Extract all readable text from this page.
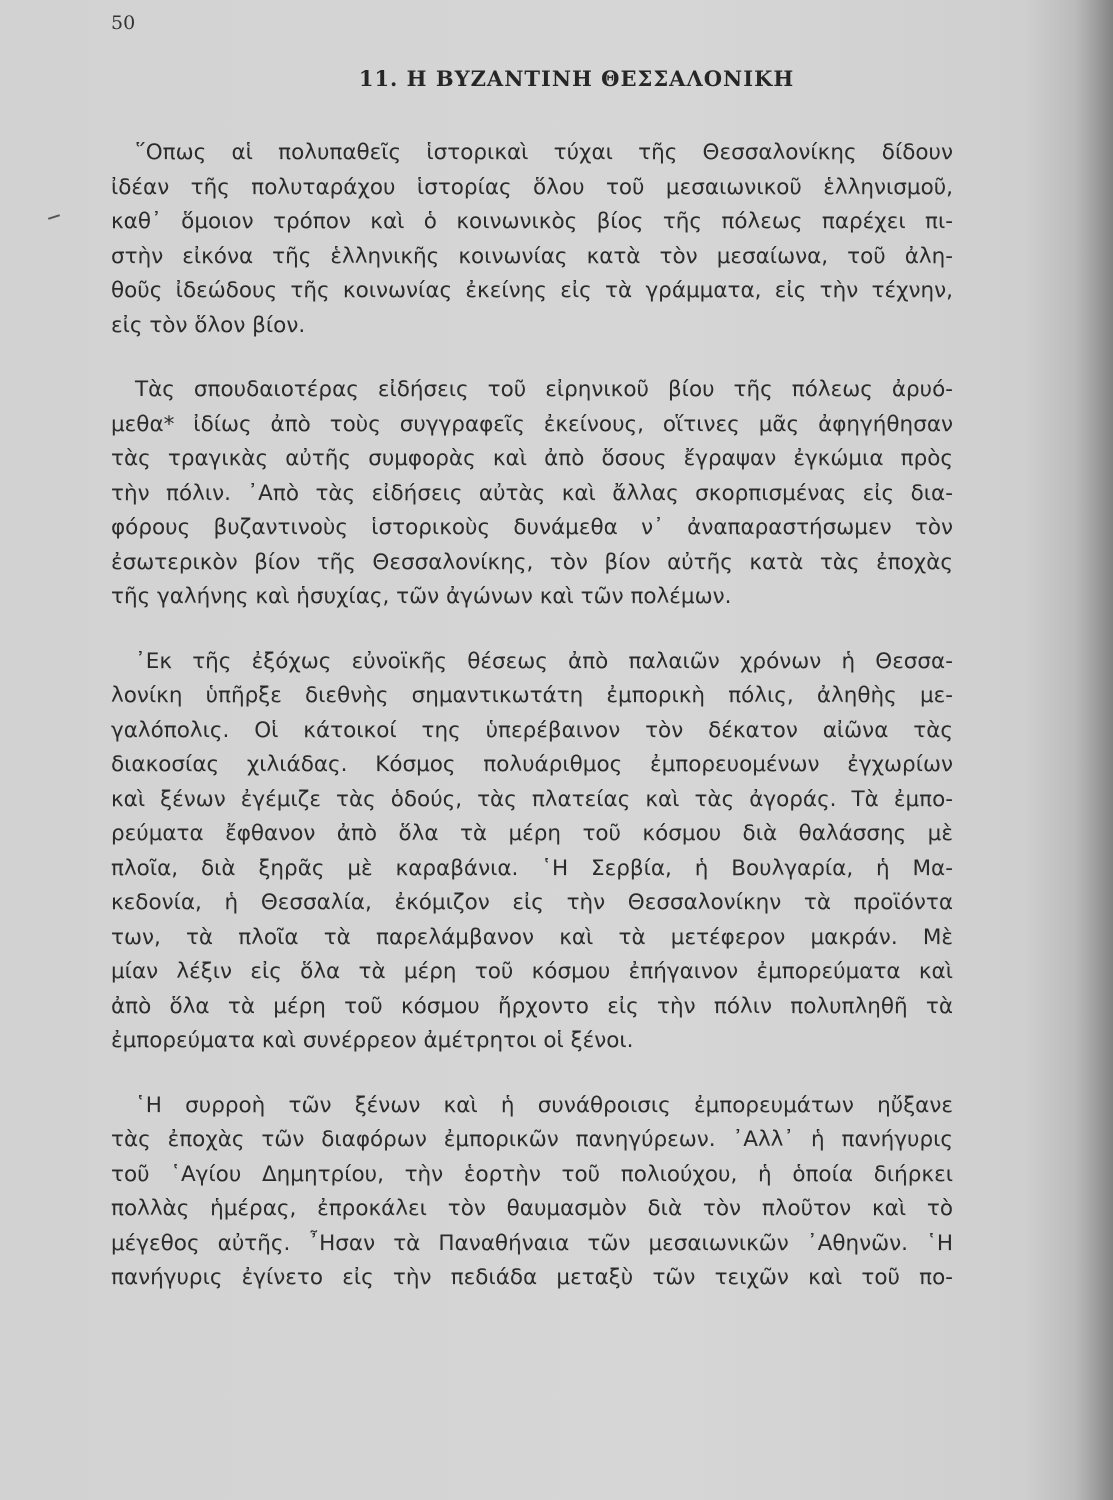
50
11. Η ΒΥΖΑΝΤΙΝΗ ΘΕΣΣΑΛΟΝΙΚΗ
῞Οπως αἱ πολυπαθεῖς ἱστορικαὶ τύχαι τῆς Θεσσαλονίκης δίδουν
ἰδέαν τῆς πολυταράχου ἱστορίας ὅλου τοῦ μεσαιωνικοῦ ἑλληνισμοῦ,
καθ᾽ ὅμοιον τρόπον καὶ ὁ κοινωνικὸς βίος τῆς πόλεως παρέχει πι-
στὴν εἰκόνα τῆς ἑλληνικῆς κοινωνίας κατὰ τὸν μεσαίωνα, τοῦ ἀλη-
θοῦς ἰδεώδους τῆς κοινωνίας ἐκείνης εἰς τὰ γράμματα, εἰς τὴν τέχνην,
εἰς τὸν ὅλον βίον.
Τὰς σπουδαιοτέρας εἰδήσεις τοῦ εἰρηνικοῦ βίου τῆς πόλεως ἀρυό-
μεθα* ἰδίως ἀπὸ τοὺς συγγραφεῖς ἐκείνους, οἵτινες μᾶς ἀφηγήθησαν
τὰς τραγικὰς αὐτῆς συμφορὰς καὶ ἀπὸ ὅσους ἔγραψαν ἐγκώμια πρὸς
τὴν πόλιν. ᾽Απὸ τὰς εἰδήσεις αὐτὰς καὶ ἄλλας σκορπισμένας εἰς δια-
φόρους βυζαντινοὺς ἱστορικοὺς δυνάμεθα ν᾽ ἀναπαραστήσωμεν τὸν
ἐσωτερικὸν βίον τῆς Θεσσαλονίκης, τὸν βίον αὐτῆς κατὰ τὰς ἐποχὰς
τῆς γαλήνης καὶ ἡσυχίας, τῶν ἀγώνων καὶ τῶν πολέμων.
᾽Εκ τῆς ἐξόχως εὐνοϊκῆς θέσεως ἀπὸ παλαιῶν χρόνων ἡ Θεσσα-
λονίκη ὑπῆρξε διεθνὴς σημαντικωτάτη ἐμπορικὴ πόλις, ἀληθὴς με-
γαλόπολις. Οἱ κάτοικοί της ὑπερέβαινον τὸν δέκατον αἰῶνα τὰς
διακοσίας χιλιάδας. Κόσμος πολυάριθμος ἐμπορευομένων ἐγχωρίων
καὶ ξένων ἐγέμιζε τὰς ὁδούς, τὰς πλατείας καὶ τὰς ἀγοράς. Τὰ ἐμπο-
ρεύματα ἔφθανον ἀπὸ ὅλα τὰ μέρη τοῦ κόσμου διὰ θαλάσσης μὲ
πλοῖα, διὰ ξηρᾶς μὲ καραβάνια. ῾Η Σερβία, ἡ Βουλγαρία, ἡ Μα-
κεδονία, ἡ Θεσσαλία, ἐκόμιζον εἰς τὴν Θεσσαλονίκην τὰ προϊόντα
των, τὰ πλοῖα τὰ παρελάμβανον καὶ τὰ μετέφερον μακράν. Μὲ
μίαν λέξιν εἰς ὅλα τὰ μέρη τοῦ κόσμου ἐπήγαινον ἐμπορεύματα καὶ
ἀπὸ ὅλα τὰ μέρη τοῦ κόσμου ἤρχοντο εἰς τὴν πόλιν πολυπληθῆ τὰ
ἐμπορεύματα καὶ συνέρρεον ἀμέτρητοι οἱ ξένοι.
῾Η συρροὴ τῶν ξένων καὶ ἡ συνάθροισις ἐμπορευμάτων ηὔξανε
τὰς ἐποχὰς τῶν διαφόρων ἐμπορικῶν πανηγύρεων. ᾽Αλλ᾽ ἡ πανήγυρις
τοῦ ῾Αγίου Δημητρίου, τὴν ἑορτὴν τοῦ πολιούχου, ἡ ὁποία διήρκει
πολλὰς ἡμέρας, ἐπροκάλει τὸν θαυμασμὸν διὰ τὸν πλοῦτον καὶ τὸ
μέγεθος αὐτῆς. ῏Ησαν τὰ Παναθήναια τῶν μεσαιωνικῶν ᾽Αθηνῶν. ῾Η
πανήγυρις ἐγίνετο εἰς τὴν πεδιάδα μεταξὺ τῶν τειχῶν καὶ τοῦ πο-
